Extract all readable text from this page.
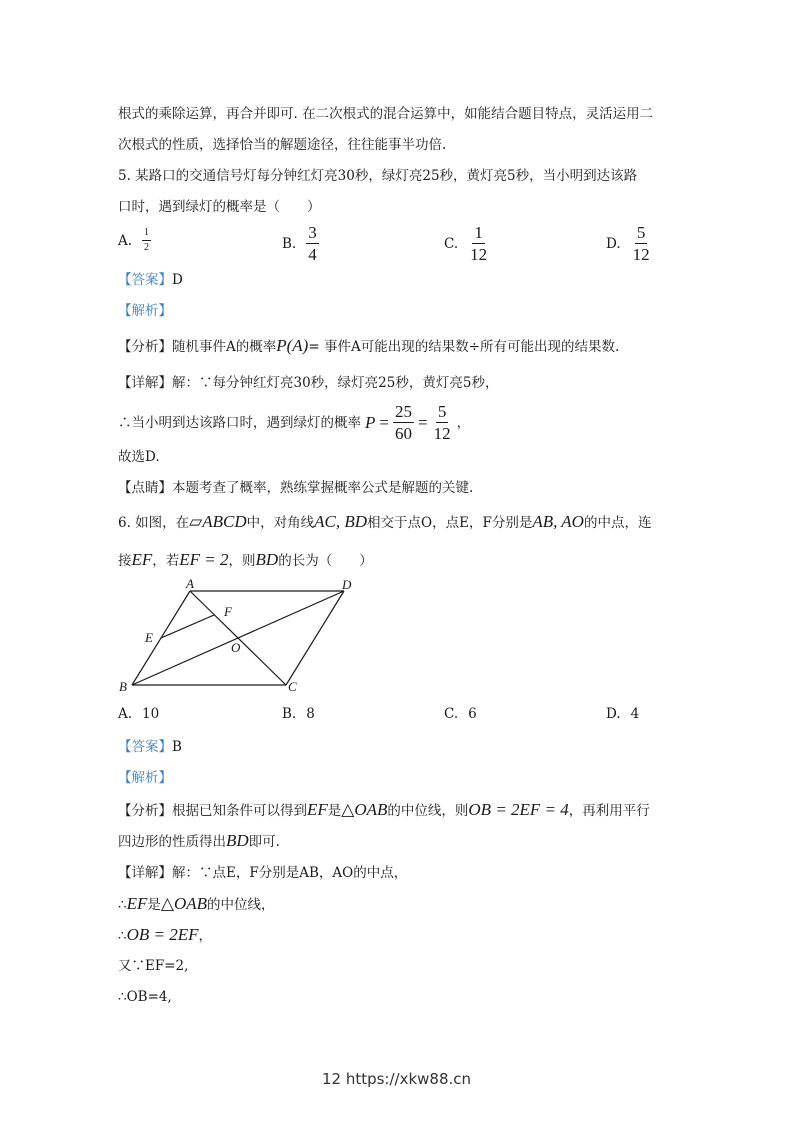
根式的乘除运算，再合并即可. 在二次根式的混合运算中，如能结合题目特点，灵活运用二
次根式的性质，选择恰当的解题途径，往往能事半功倍.
5. 某路口的交通信号灯每分钟红灯亮30秒，绿灯亮25秒，黄灯亮5秒，当小明到达该路
口时，遇到绿灯的概率是（　　）
A. $\frac{1}{2}$	B. $\frac{3}{4}$	C. $\frac{1}{12}$	D. $\frac{5}{12}$
【答案】D
【解析】
【分析】随机事件A的概率P(A)= 事件A可能出现的结果数÷所有可能出现的结果数.
【详解】解：∵每分钟红灯亮30秒，绿灯亮25秒，黄灯亮5秒，
∴当小明到达该路口时，遇到绿灯的概率 $P = \frac{25}{60} = \frac{5}{12}$ ，
故选D.
【点睛】本题考查了概率，熟练掌握概率公式是解题的关键.
6. 如图，在▱ABCD中，对角线AC, BD相交于点O，点E，F分别是AB, AO的中点，连
接EF，若EF = 2，则BD的长为（　　）
A	D
F
E
O
B	C
A. 10	B. 8	C. 6	D. 4
【答案】B
【解析】
【分析】根据已知条件可以得到EF是△OAB的中位线，则OB = 2EF = 4，再利用平行
四边形的性质得出BD即可.
【详解】解：∵点E，F分别是AB，AO的中点，
∴EF是△OAB的中位线，
∴OB = 2EF，
又∵EF=2,
∴OB=4,
12 https://xkw88.cn
